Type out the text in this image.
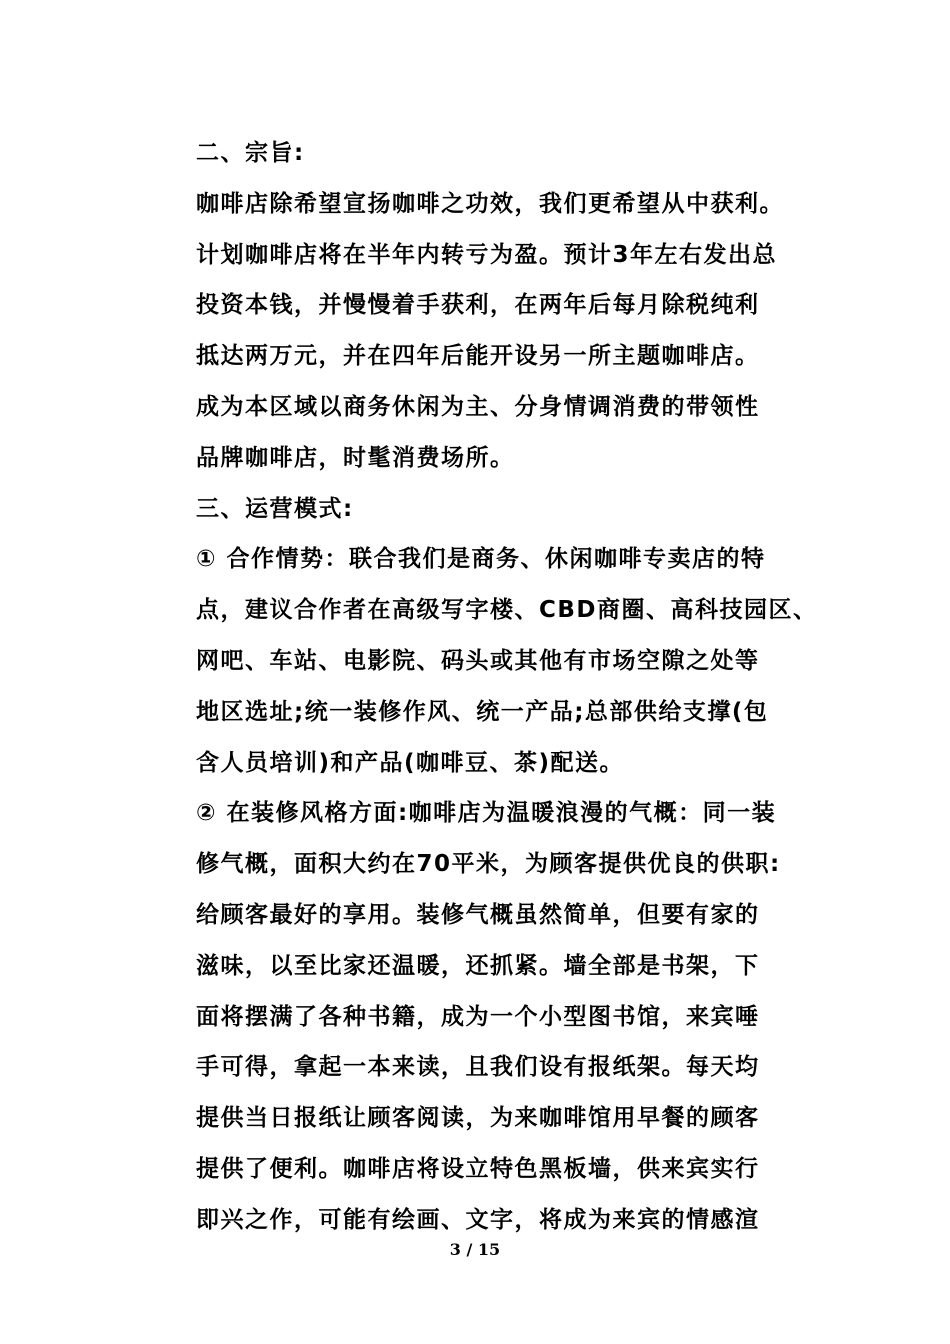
二、宗旨:
咖啡店除希望宣扬咖啡之功效，我们更希望从中获利。
计划咖啡店将在半年内转亏为盈。预计3年左右发出总
投资本钱，并慢慢着手获利，在两年后每月除税纯利
抵达两万元，并在四年后能开设另一所主题咖啡店。
成为本区域以商务休闲为主、分身情调消费的带领性
品牌咖啡店，时髦消费场所。
三、运营模式:
① 合作情势：联合我们是商务、休闲咖啡专卖店的特
点，建议合作者在高级写字楼、CBD商圈、高科技园区、
网吧、车站、电影院、码头或其他有市场空隙之处等
地区选址;统一装修作风、统一产品;总部供给支撑(包
含人员培训)和产品(咖啡豆、茶)配送。
② 在装修风格方面:咖啡店为温暖浪漫的气概：同一装
修气概，面积大约在70平米，为顾客提供优良的供职:
给顾客最好的享用。装修气概虽然简单，但要有家的
滋味，以至比家还温暖，还抓紧。墙全部是书架，下
面将摆满了各种书籍，成为一个小型图书馆，来宾唾
手可得，拿起一本来读，且我们设有报纸架。每天均
提供当日报纸让顾客阅读，为来咖啡馆用早餐的顾客
提供了便利。咖啡店将设立特色黑板墙，供来宾实行
即兴之作，可能有绘画、文字，将成为来宾的情感渲
3 / 15
